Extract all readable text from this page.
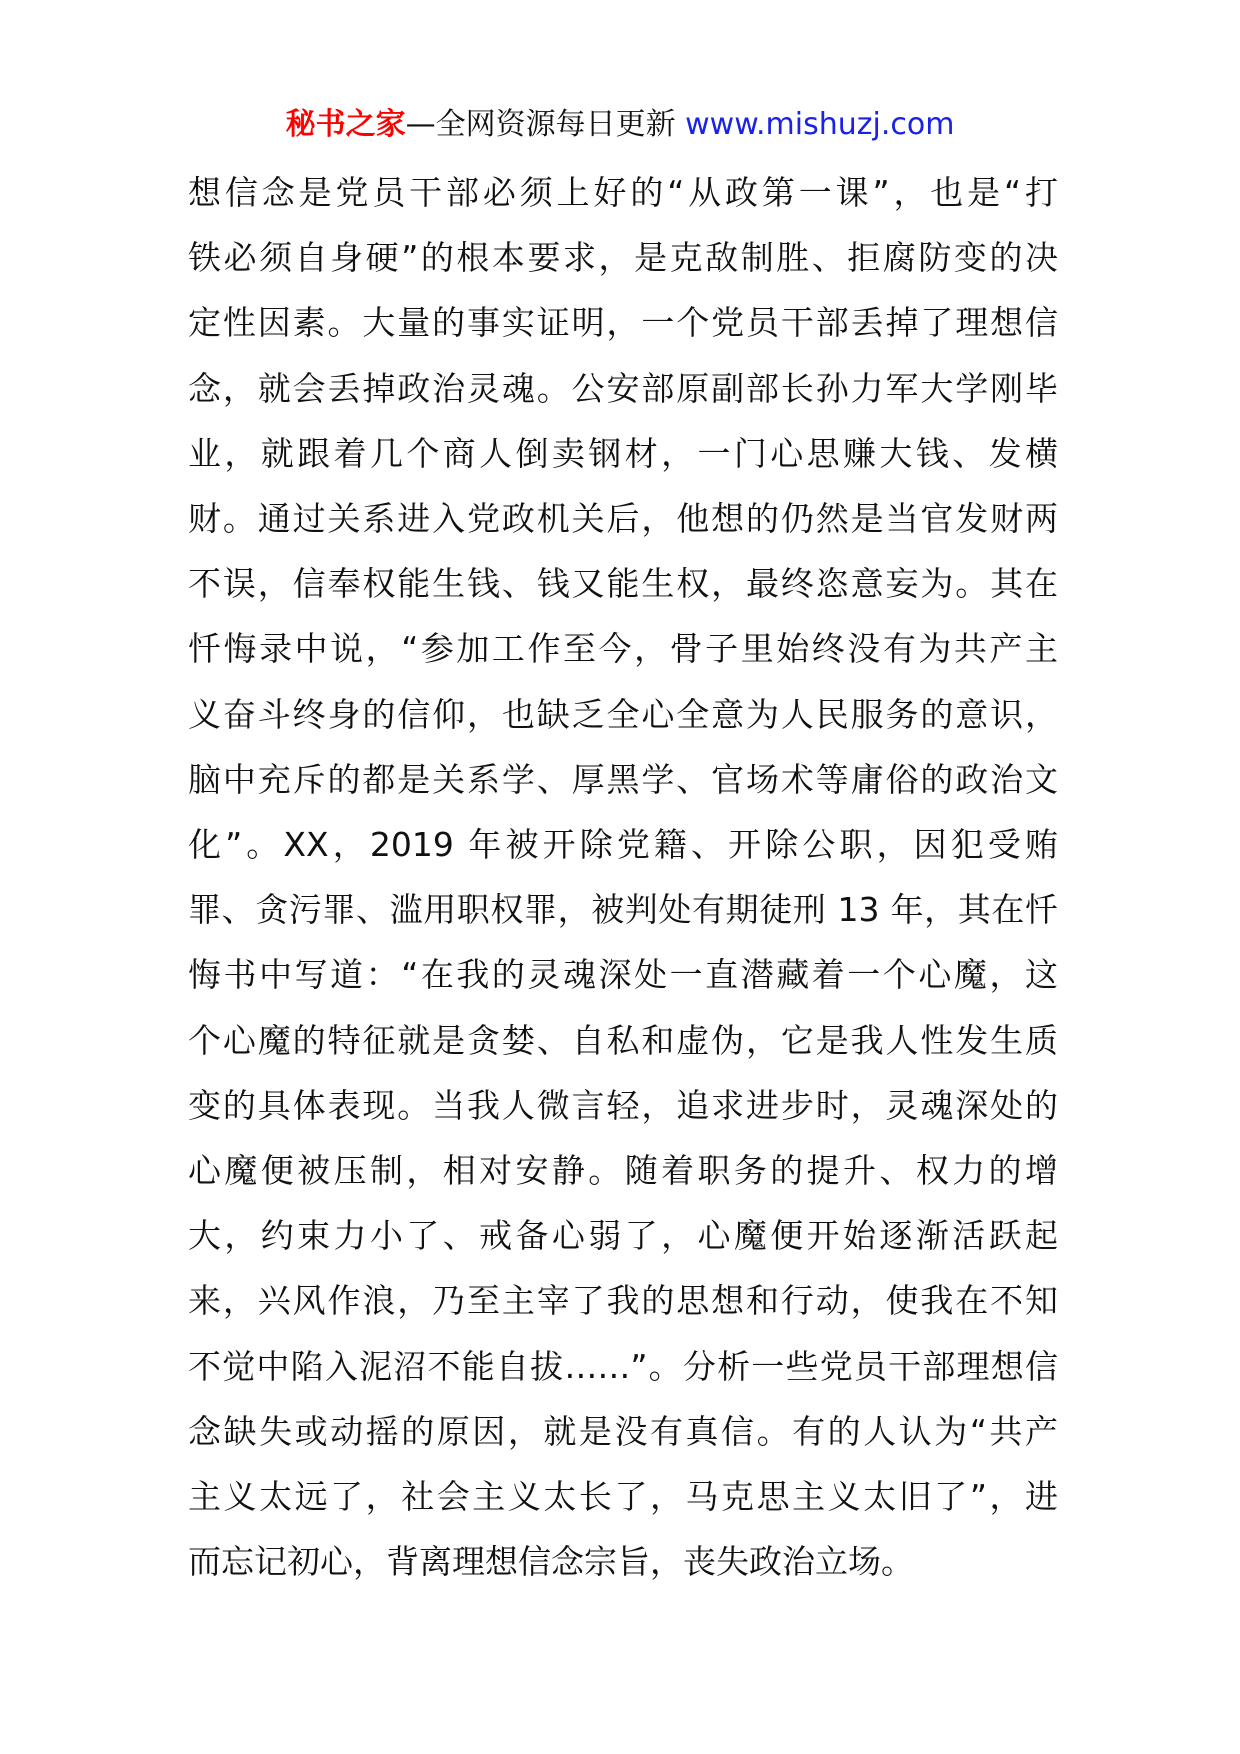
秘书之家—全网资源每日更新 www.mishuzj.com
想信念是党员干部必须上好的“从政第一课”，也是“打
铁必须自身硬”的根本要求，是克敌制胜、拒腐防变的决
定性因素。大量的事实证明，一个党员干部丢掉了理想信
念，就会丢掉政治灵魂。公安部原副部长孙力军大学刚毕
业，就跟着几个商人倒卖钢材，一门心思赚大钱、发横
财。通过关系进入党政机关后，他想的仍然是当官发财两
不误，信奉权能生钱、钱又能生权，最终恣意妄为。其在
忏悔录中说，“参加工作至今，骨子里始终没有为共产主
义奋斗终身的信仰，也缺乏全心全意为人民服务的意识，
脑中充斥的都是关系学、厚黑学、官场术等庸俗的政治文
化”。XX，2019 年被开除党籍、开除公职，因犯受贿
罪、贪污罪、滥用职权罪，被判处有期徒刑 13 年，其在忏
悔书中写道：“在我的灵魂深处一直潜藏着一个心魔，这
个心魔的特征就是贪婪、自私和虚伪，它是我人性发生质
变的具体表现。当我人微言轻，追求进步时，灵魂深处的
心魔便被压制，相对安静。随着职务的提升、权力的增
大，约束力小了、戒备心弱了，心魔便开始逐渐活跃起
来，兴风作浪，乃至主宰了我的思想和行动，使我在不知
不觉中陷入泥沼不能自拔……”。分析一些党员干部理想信
念缺失或动摇的原因，就是没有真信。有的人认为“共产
主义太远了，社会主义太长了，马克思主义太旧了”，进
而忘记初心，背离理想信念宗旨，丧失政治立场。
